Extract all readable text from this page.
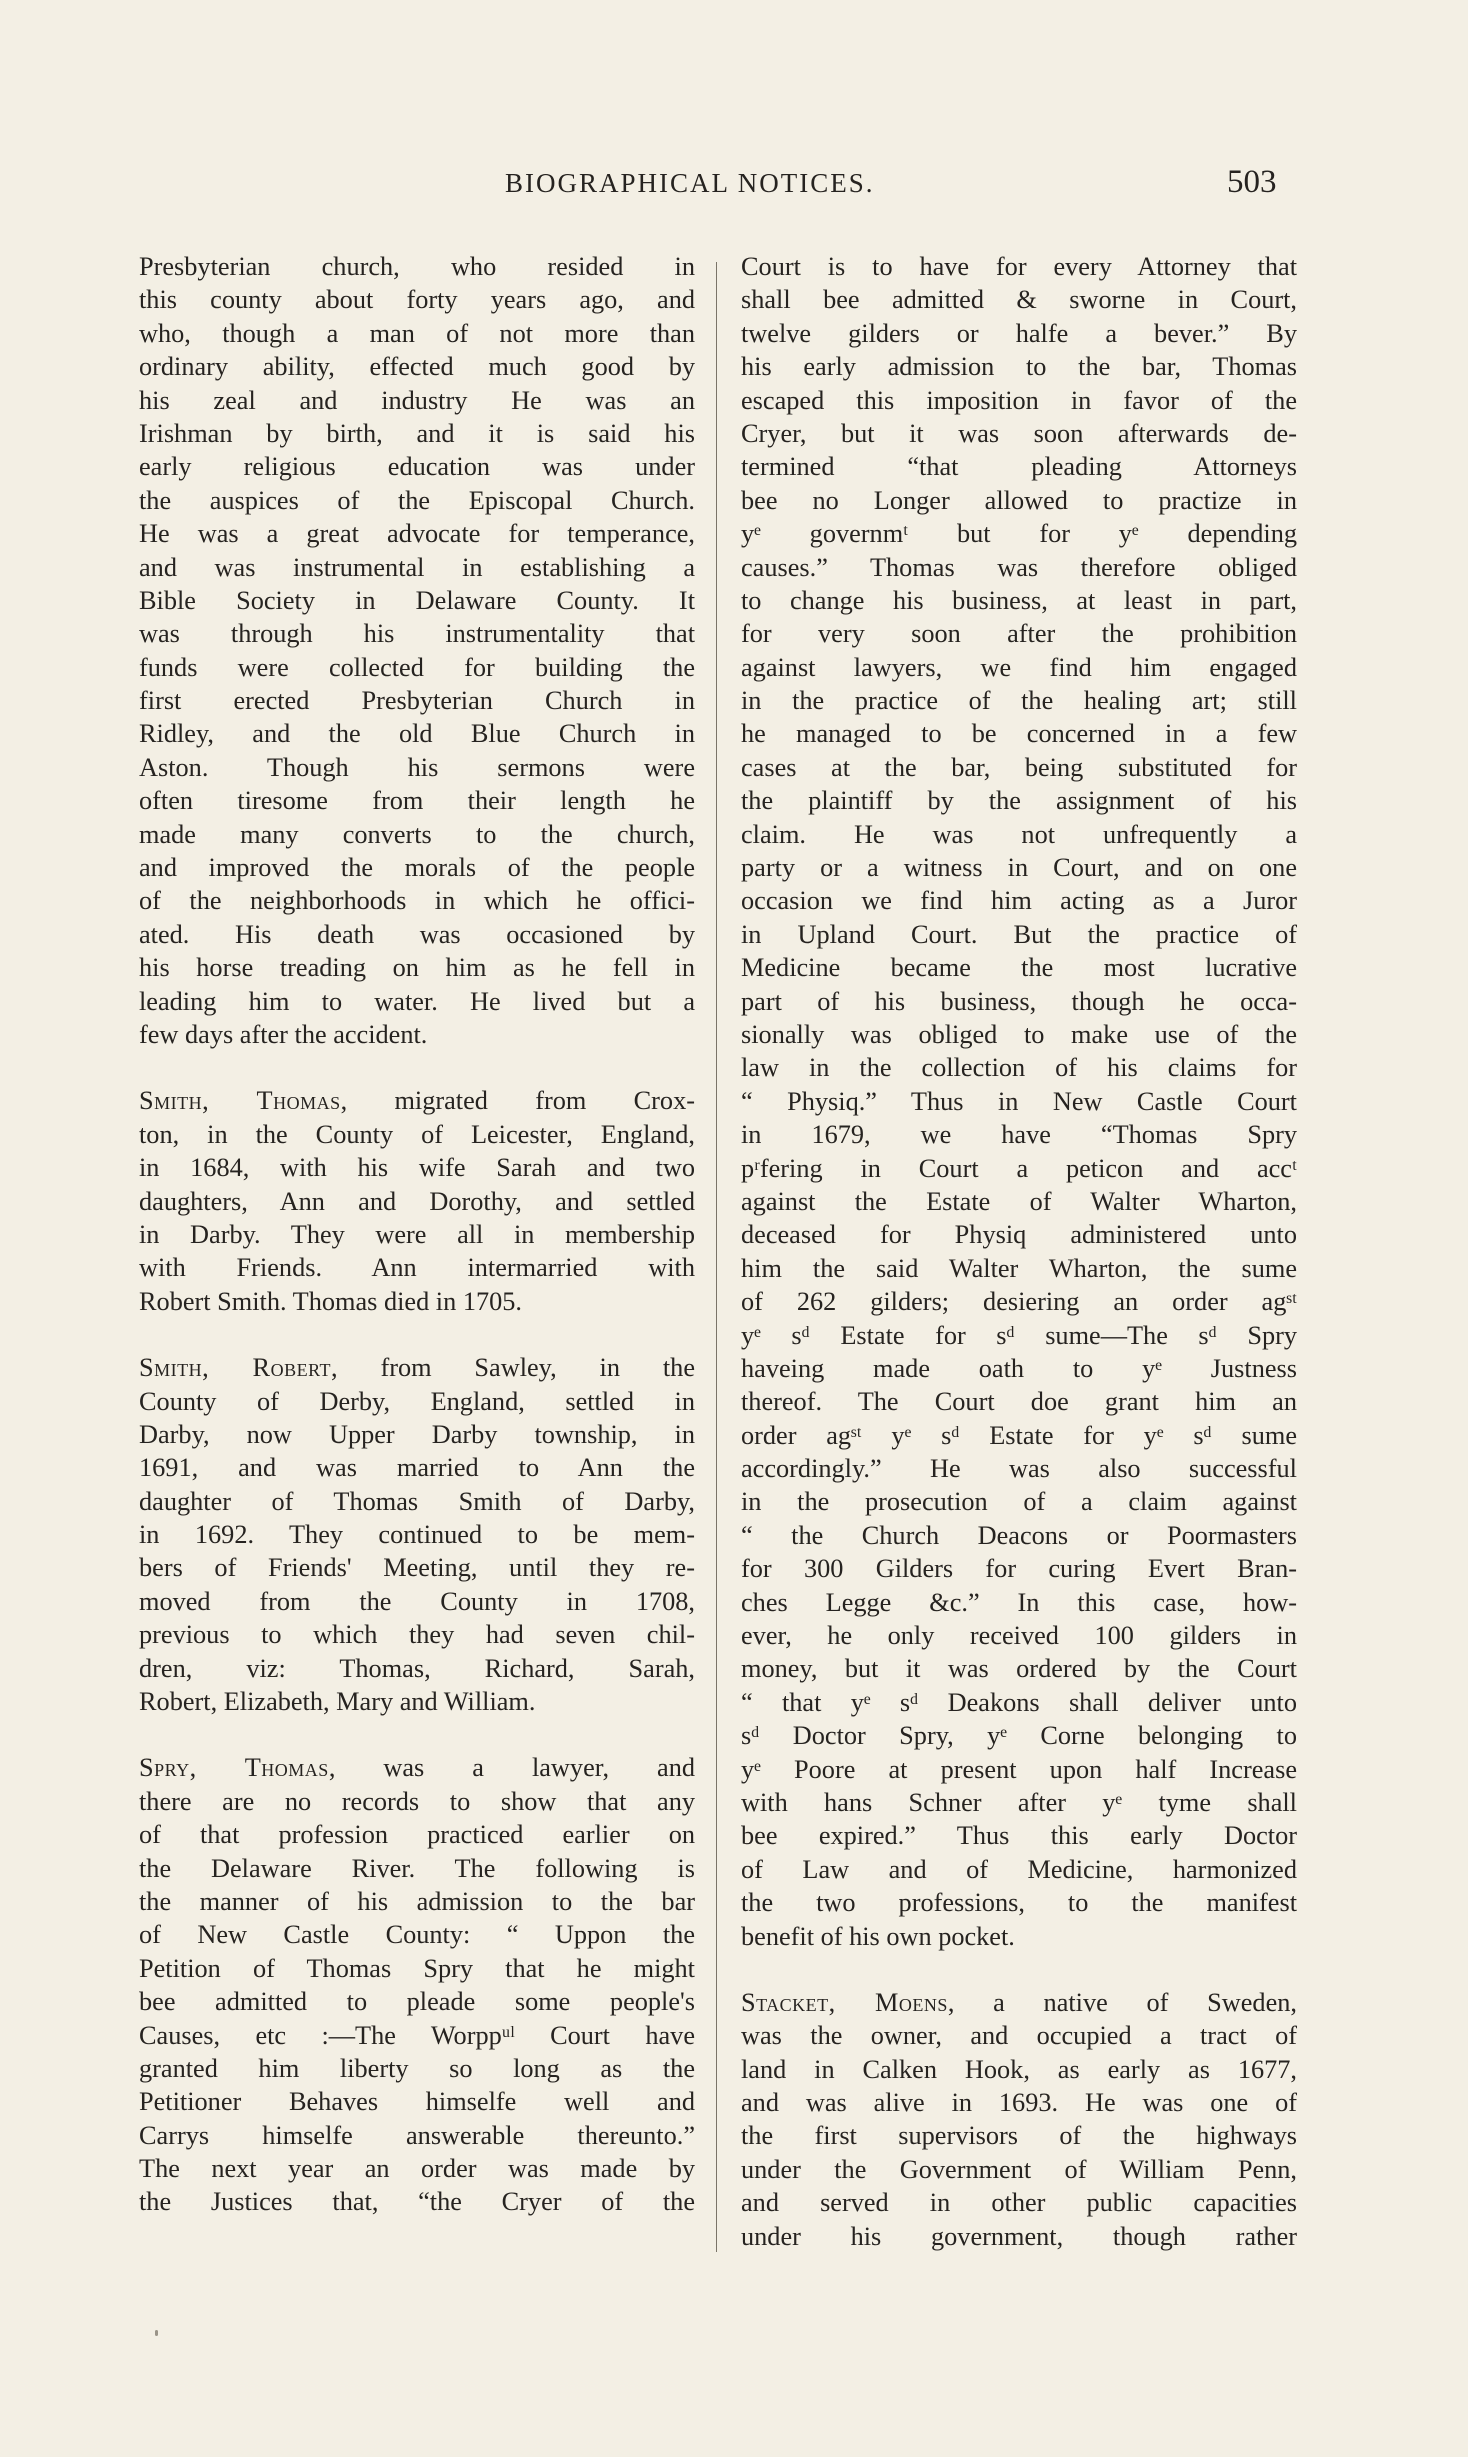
BIOGRAPHICAL NOTICES.	503
Presbyterian church, who resided in
this county about forty years ago, and
who, though a man of not more than
ordinary ability, effected much good by
his zeal and industry He was an
Irishman by birth, and it is said his
early religious education was under
the auspices of the Episcopal Church.
He was a great advocate for temperance,
and was instrumental in establishing a
Bible Society in Delaware County. It
was through his instrumentality that
funds were collected for building the
first erected Presbyterian Church in
Ridley, and the old Blue Church in
Aston. Though his sermons were
often tiresome from their length he
made many converts to the church,
and improved the morals of the people
of the neighborhoods in which he offici-
ated. His death was occasioned by
his horse treading on him as he fell in
leading him to water. He lived but a
few days after the accident.
Smith, Thomas, migrated from Crox-
ton, in the County of Leicester, England,
in 1684, with his wife Sarah and two
daughters, Ann and Dorothy, and settled
in Darby. They were all in membership
with Friends. Ann intermarried with
Robert Smith. Thomas died in 1705.
Smith, Robert, from Sawley, in the
County of Derby, England, settled in
Darby, now Upper Darby township, in
1691, and was married to Ann the
daughter of Thomas Smith of Darby,
in 1692. They continued to be mem-
bers of Friends' Meeting, until they re-
moved from the County in 1708,
previous to which they had seven chil-
dren, viz: Thomas, Richard, Sarah,
Robert, Elizabeth, Mary and William.
Spry, Thomas, was a lawyer, and
there are no records to show that any
of that profession practiced earlier on
the Delaware River. The following is
the manner of his admission to the bar
of New Castle County: “ Uppon the
Petition of Thomas Spry that he might
bee admitted to pleade some people's
Causes, etc :—The Worppᵘˡ Court have
granted him liberty so long as the
Petitioner Behaves himselfe well and
Carrys himselfe answerable thereunto.”
The next year an order was made by
the Justices that, “the Cryer of the
Court is to have for every Attorney that
shall bee admitted & sworne in Court,
twelve gilders or halfe a bever.” By
his early admission to the bar, Thomas
escaped this imposition in favor of the
Cryer, but it was soon afterwards de-
termined “that pleading Attorneys
bee no Longer allowed to practize in
yᵉ governmᵗ but for yᵉ depending
causes.” Thomas was therefore obliged
to change his business, at least in part,
for very soon after the prohibition
against lawyers, we find him engaged
in the practice of the healing art; still
he managed to be concerned in a few
cases at the bar, being substituted for
the plaintiff by the assignment of his
claim. He was not unfrequently a
party or a witness in Court, and on one
occasion we find him acting as a Juror
in Upland Court. But the practice of
Medicine became the most lucrative
part of his business, though he occa-
sionally was obliged to make use of the
law in the collection of his claims for
“ Physiq.” Thus in New Castle Court
in 1679, we have “Thomas Spry
pʳfering in Court a peticon and accᵗ
against the Estate of Walter Wharton,
deceased for Physiq administered unto
him the said Walter Wharton, the sume
of 262 gilders; desiering an order agˢᵗ
yᵉ sᵈ Estate for sᵈ sume—The sᵈ Spry
haveing made oath to yᵉ Justness
thereof. The Court doe grant him an
order agˢᵗ yᵉ sᵈ Estate for yᵉ sᵈ sume
accordingly.” He was also successful
in the prosecution of a claim against
“ the Church Deacons or Poormasters
for 300 Gilders for curing Evert Bran-
ches Legge &c.” In this case, how-
ever, he only received 100 gilders in
money, but it was ordered by the Court
“ that yᵉ sᵈ Deakons shall deliver unto
sᵈ Doctor Spry, yᵉ Corne belonging to
yᵉ Poore at present upon half Increase
with hans Schner after yᵉ tyme shall
bee expired.” Thus this early Doctor
of Law and of Medicine, harmonized
the two professions, to the manifest
benefit of his own pocket.
Stacket, Moens, a native of Sweden,
was the owner, and occupied a tract of
land in Calken Hook, as early as 1677,
and was alive in 1693. He was one of
the first supervisors of the highways
under the Government of William Penn,
and served in other public capacities
under his government, though rather
